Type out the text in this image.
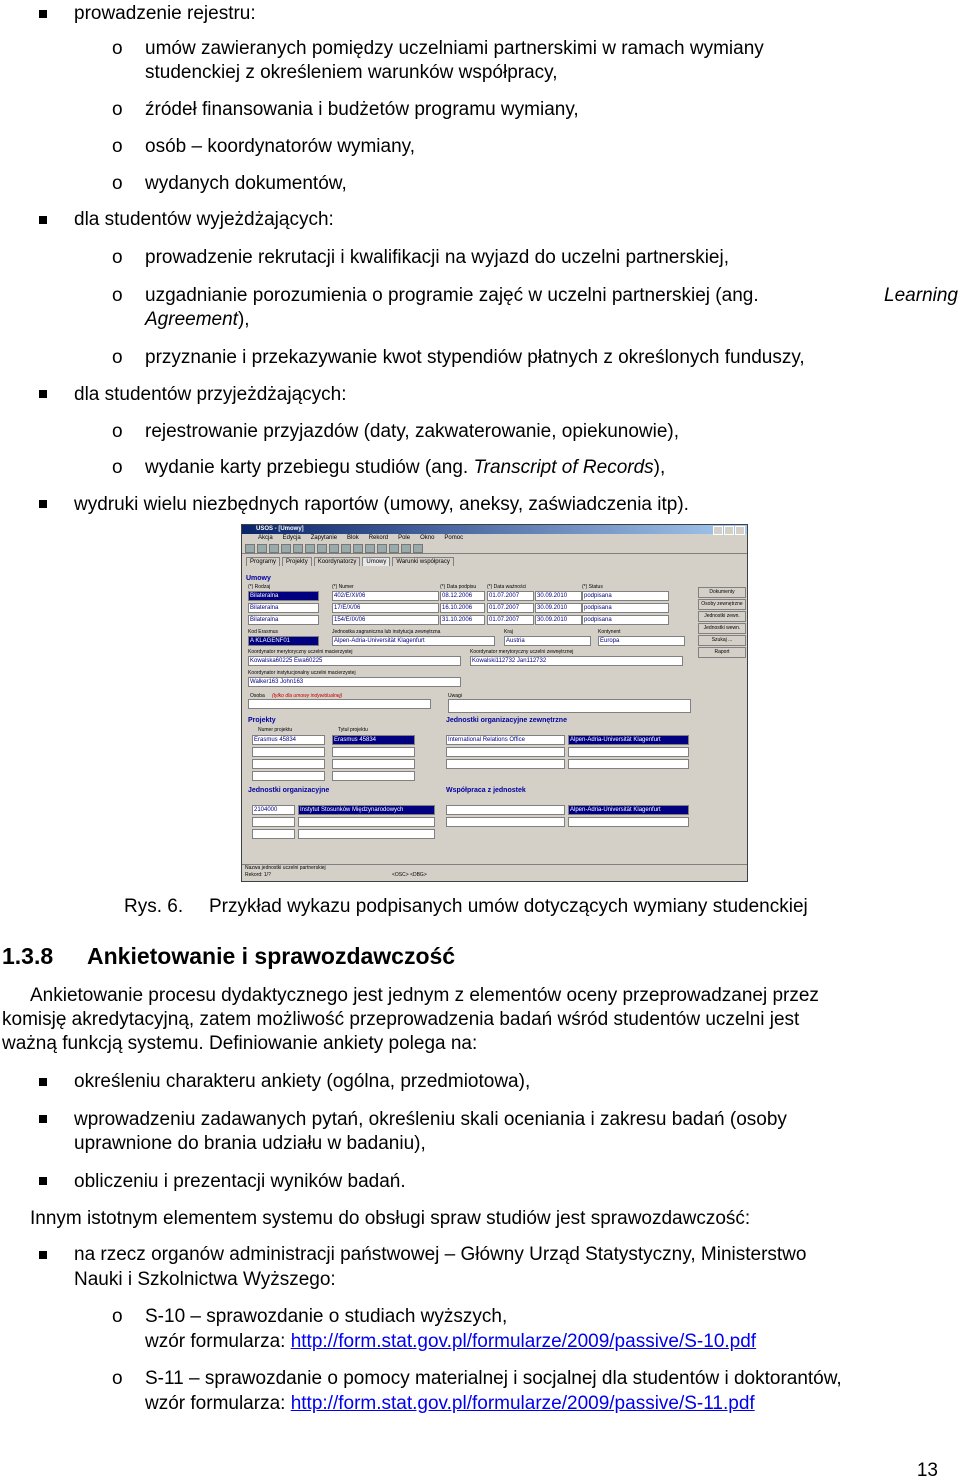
prowadzenie rejestru:
o umów zawieranych pomiędzy uczelniami partnerskimi w ramach wymiany
studenckiej z określeniem warunków współpracy,
o źródeł finansowania i budżetów programu wymiany,
o osób – koordynatorów wymiany,
o wydanych dokumentów,
dla studentów wyjeżdżających:
o prowadzenie rekrutacji i kwalifikacji na wyjazd do uczelni partnerskiej,
o uzgadnianie porozumienia o programie zajęć w uczelni partnerskiej (ang.	Learning
Agreement),
o przyznanie i przekazywanie kwot stypendiów płatnych z określonych funduszy,
dla studentów przyjeżdżających:
o rejestrowanie przyjazdów (daty, zakwaterowanie, opiekunowie),
o wydanie karty przebiegu studiów (ang. Transcript of Records),
wydruki wielu niezbędnych raportów (umowy, aneksy, zaświadczenia itp).
USOS - [Umowy]
Akcja Edycja Zapytanie Blok Rekord Pole Okno Pomoc
Programy	Projekty	Koordynatorzy	Umowy	Warunki współpracy
Umowy
(*) Rodzaj	(*) Numer	(*) Data podpisu (*) Data ważności	(*) Status
Bilateralna	402/E/XI/06	08.12.2006	01.07.2007	30.09.2010	podpisana
Bilateralna	17/E/X/06	16.10.2006	01.07.2007	30.09.2010	podpisana
Bilateralna	154/E/IX/06	31.10.2006	01.07.2007	30.09.2010	podpisana
Dokumenty
Osoby zewnętrzne
Jednostki zewn.
Jednostki wewn.
Szukaj ...
Raport
Kod Erasmus
A KLAGENF01
Jednostka zagraniczna lub instytucja zewnętrzna
Alpen-Adria-Universität Klagenfurt
Kraj
Austria
Kontynent
Europa
Koordynator merytoryczny uczelni macierzystej
Kowalska60225 Ewa60225
Koordynator merytoryczny uczelni zewnętrznej
Kowalski112732 Jan112732
Koordynator instytucjonalny uczelni macierzystej
Walker163 John163
Osoba (tylko dla umowy indywidualnej)	Uwagi
Projekty
Numer projektu	Tytuł projektu
Erasmus 45834	Erasmus 45834
Jednostki organizacyjne zewnętrzne
International Relations Office	Alpen-Adria-Universität Klagenfurt
Jednostki organizacyjne
2104000	Instytut Stosunków Międzynarodowych
Współpraca z jednostek
Alpen-Adria-Universität Klagenfurt
Nazwa jednostki uczelni partnerskiej
Rekord: 1/?	<OSC> <DBG>
Rys. 6. Przykład wykazu podpisanych umów dotyczących wymiany studenckiej
1.3.8 Ankietowanie i sprawozdawczość
Ankietowanie procesu dydaktycznego jest jednym z elementów oceny przeprowadzanej przez
komisję akredytacyjną, zatem możliwość przeprowadzenia badań wśród studentów uczelni jest
ważną funkcją systemu. Definiowanie ankiety polega na:
określeniu charakteru ankiety (ogólna, przedmiotowa),
wprowadzeniu zadawanych pytań, określeniu skali oceniania i zakresu badań (osoby
uprawnione do brania udziału w badaniu),
obliczeniu i prezentacji wyników badań.
Innym istotnym elementem systemu do obsługi spraw studiów jest sprawozdawczość:
na rzecz organów administracji państwowej – Główny Urząd Statystyczny, Ministerstwo
Nauki i Szkolnictwa Wyższego:
o S-10 – sprawozdanie o studiach wyższych,
wzór formularza: http://form.stat.gov.pl/formularze/2009/passive/S-10.pdf
o S-11 – sprawozdanie o pomocy materialnej i socjalnej dla studentów i doktorantów,
wzór formularza: http://form.stat.gov.pl/formularze/2009/passive/S-11.pdf
13
